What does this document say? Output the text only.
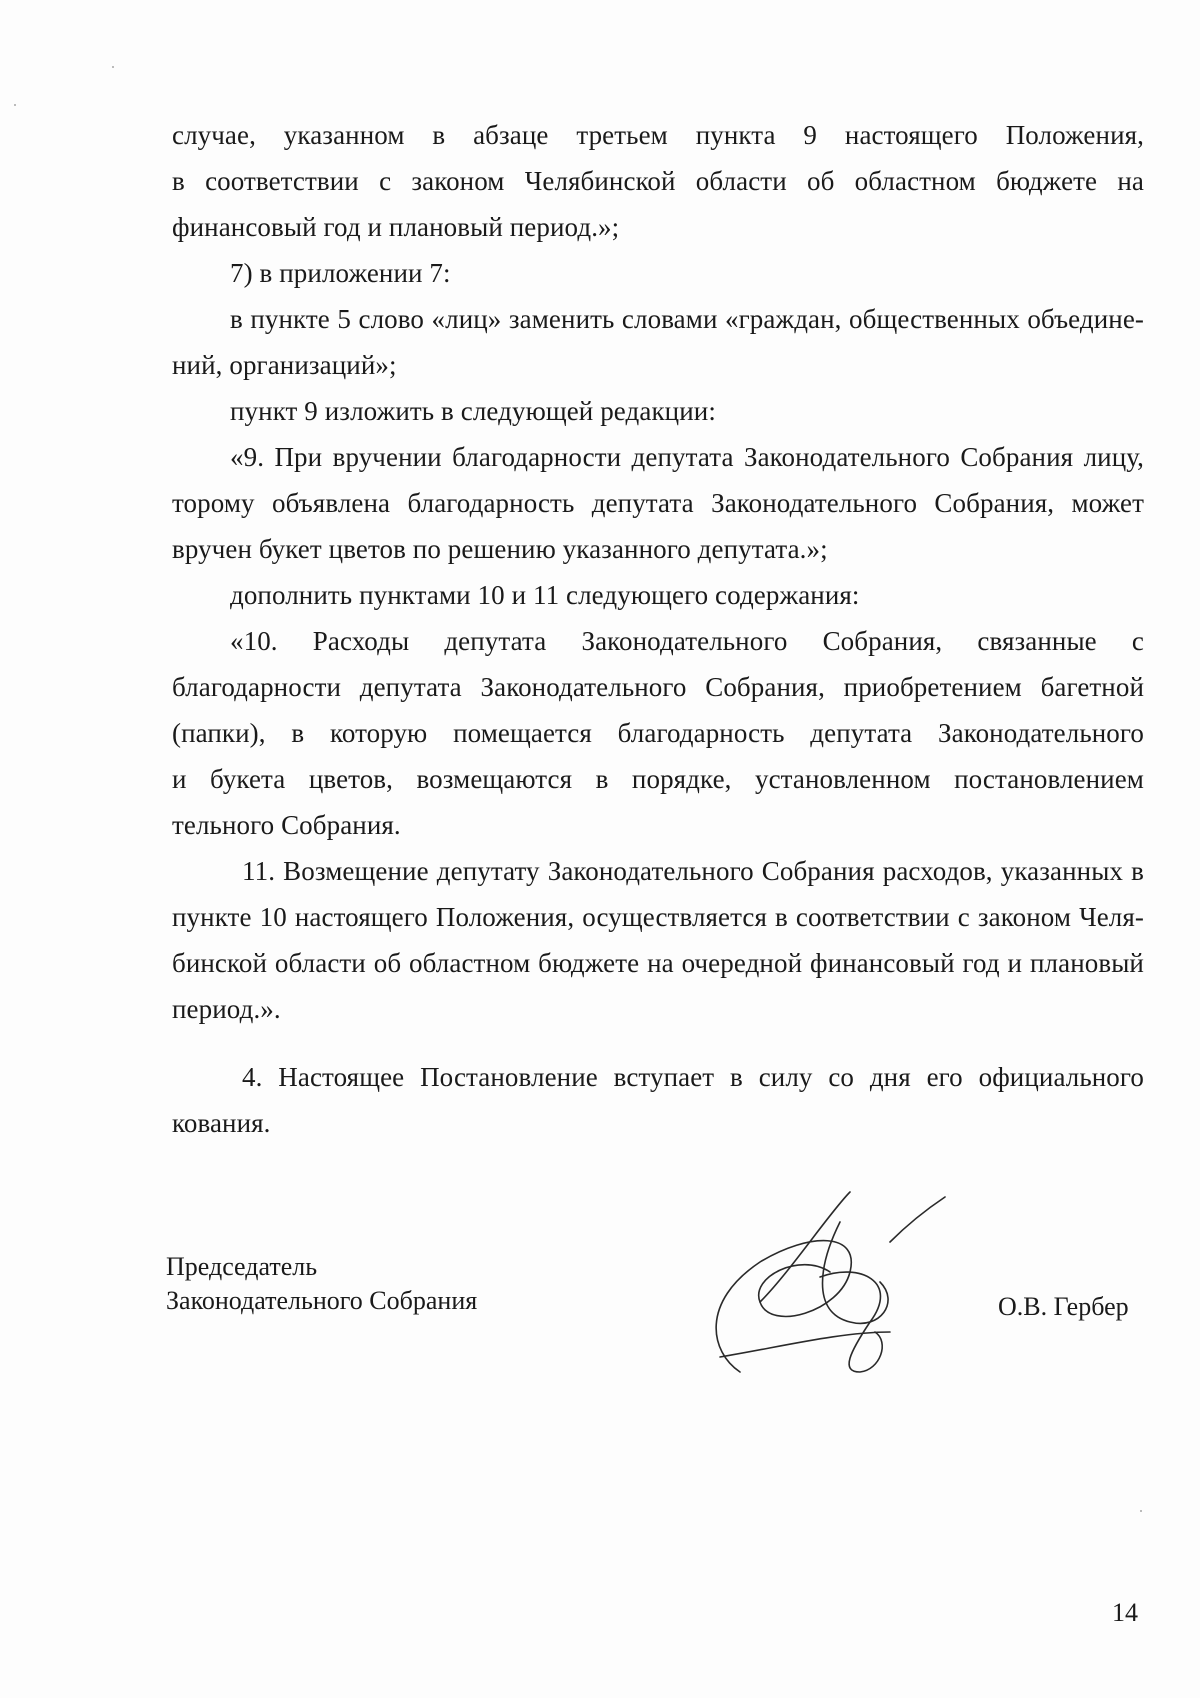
случае, указанном в абзаце третьем пункта 9 настоящего Положения,
в соответствии с законом Челябинской области об областном бюджете на
финансовый год и плановый период.»;
7) в приложении 7:
в пункте 5 слово «лиц» заменить словами «граждан, общественных объедине-
ний, организаций»;
пункт 9 изложить в следующей редакции:
«9. При вручении благодарности депутата Законодательного Собрания лицу,
торому объявлена благодарность депутата Законодательного Собрания, может
вручен букет цветов по решению указанного депутата.»;
дополнить пунктами 10 и 11 следующего содержания:
«10. Расходы депутата Законодательного Собрания, связанные с
благодарности депутата Законодательного Собрания, приобретением багетной
(папки), в которую помещается благодарность депутата Законодательного
и букета цветов, возмещаются в порядке, установленном постановлением
тельного Собрания.
11. Возмещение депутату Законодательного Собрания расходов, указанных в
пункте 10 настоящего Положения, осуществляется в соответствии с законом Челя-
бинской области об областном бюджете на очередной финансовый год и плановый
период.».
4. Настоящее Постановление вступает в силу со дня его официального
кования.
Председатель
Законодательного Собрания	О.В. Гербер
14
